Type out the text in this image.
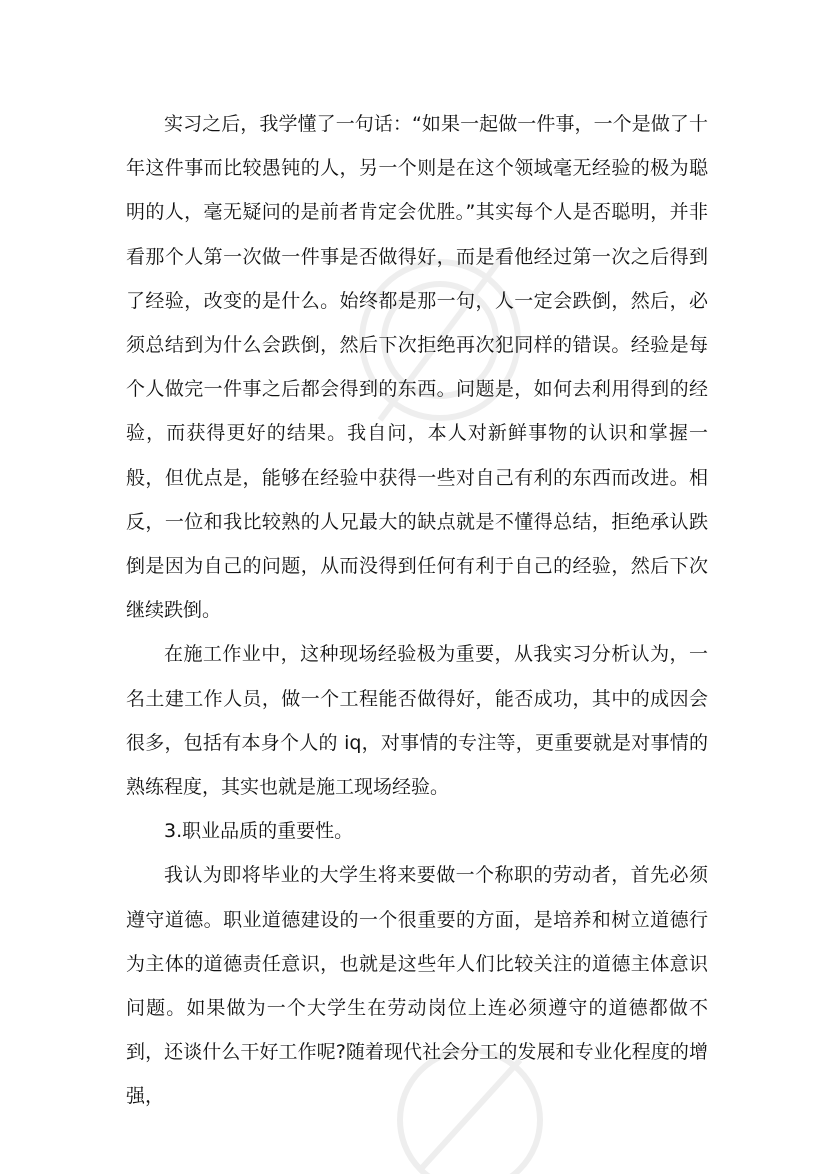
实习之后，我学懂了一句话：“如果一起做一件事，一个是做了十年这件事而比较愚钝的人，另一个则是在这个领域毫无经验的极为聪明的人，毫无疑问的是前者肯定会优胜。”其实每个人是否聪明，并非看那个人第一次做一件事是否做得好，而是看他经过第一次之后得到了经验，改变的是什么。始终都是那一句，人一定会跌倒，然后，必须总结到为什么会跌倒，然后下次拒绝再次犯同样的错误。经验是每个人做完一件事之后都会得到的东西。问题是，如何去利用得到的经验，而获得更好的结果。我自问，本人对新鲜事物的认识和掌握一般，但优点是，能够在经验中获得一些对自己有利的东西而改进。相反，一位和我比较熟的人兄最大的缺点就是不懂得总结，拒绝承认跌倒是因为自己的问题，从而没得到任何有利于自己的经验，然后下次继续跌倒。

在施工作业中，这种现场经验极为重要，从我实习分析认为，一名土建工作人员，做一个工程能否做得好，能否成功，其中的成因会很多，包括有本身个人的 iq，对事情的专注等，更重要就是对事情的熟练程度，其实也就是施工现场经验。

3.职业品质的重要性。

我认为即将毕业的大学生将来要做一个称职的劳动者，首先必须遵守道德。职业道德建设的一个很重要的方面，是培养和树立道德行为主体的道德责任意识，也就是这些年人们比较关注的道德主体意识问题。如果做为一个大学生在劳动岗位上连必须遵守的道德都做不到，还谈什么干好工作呢?随着现代社会分工的发展和专业化程度的增强，
